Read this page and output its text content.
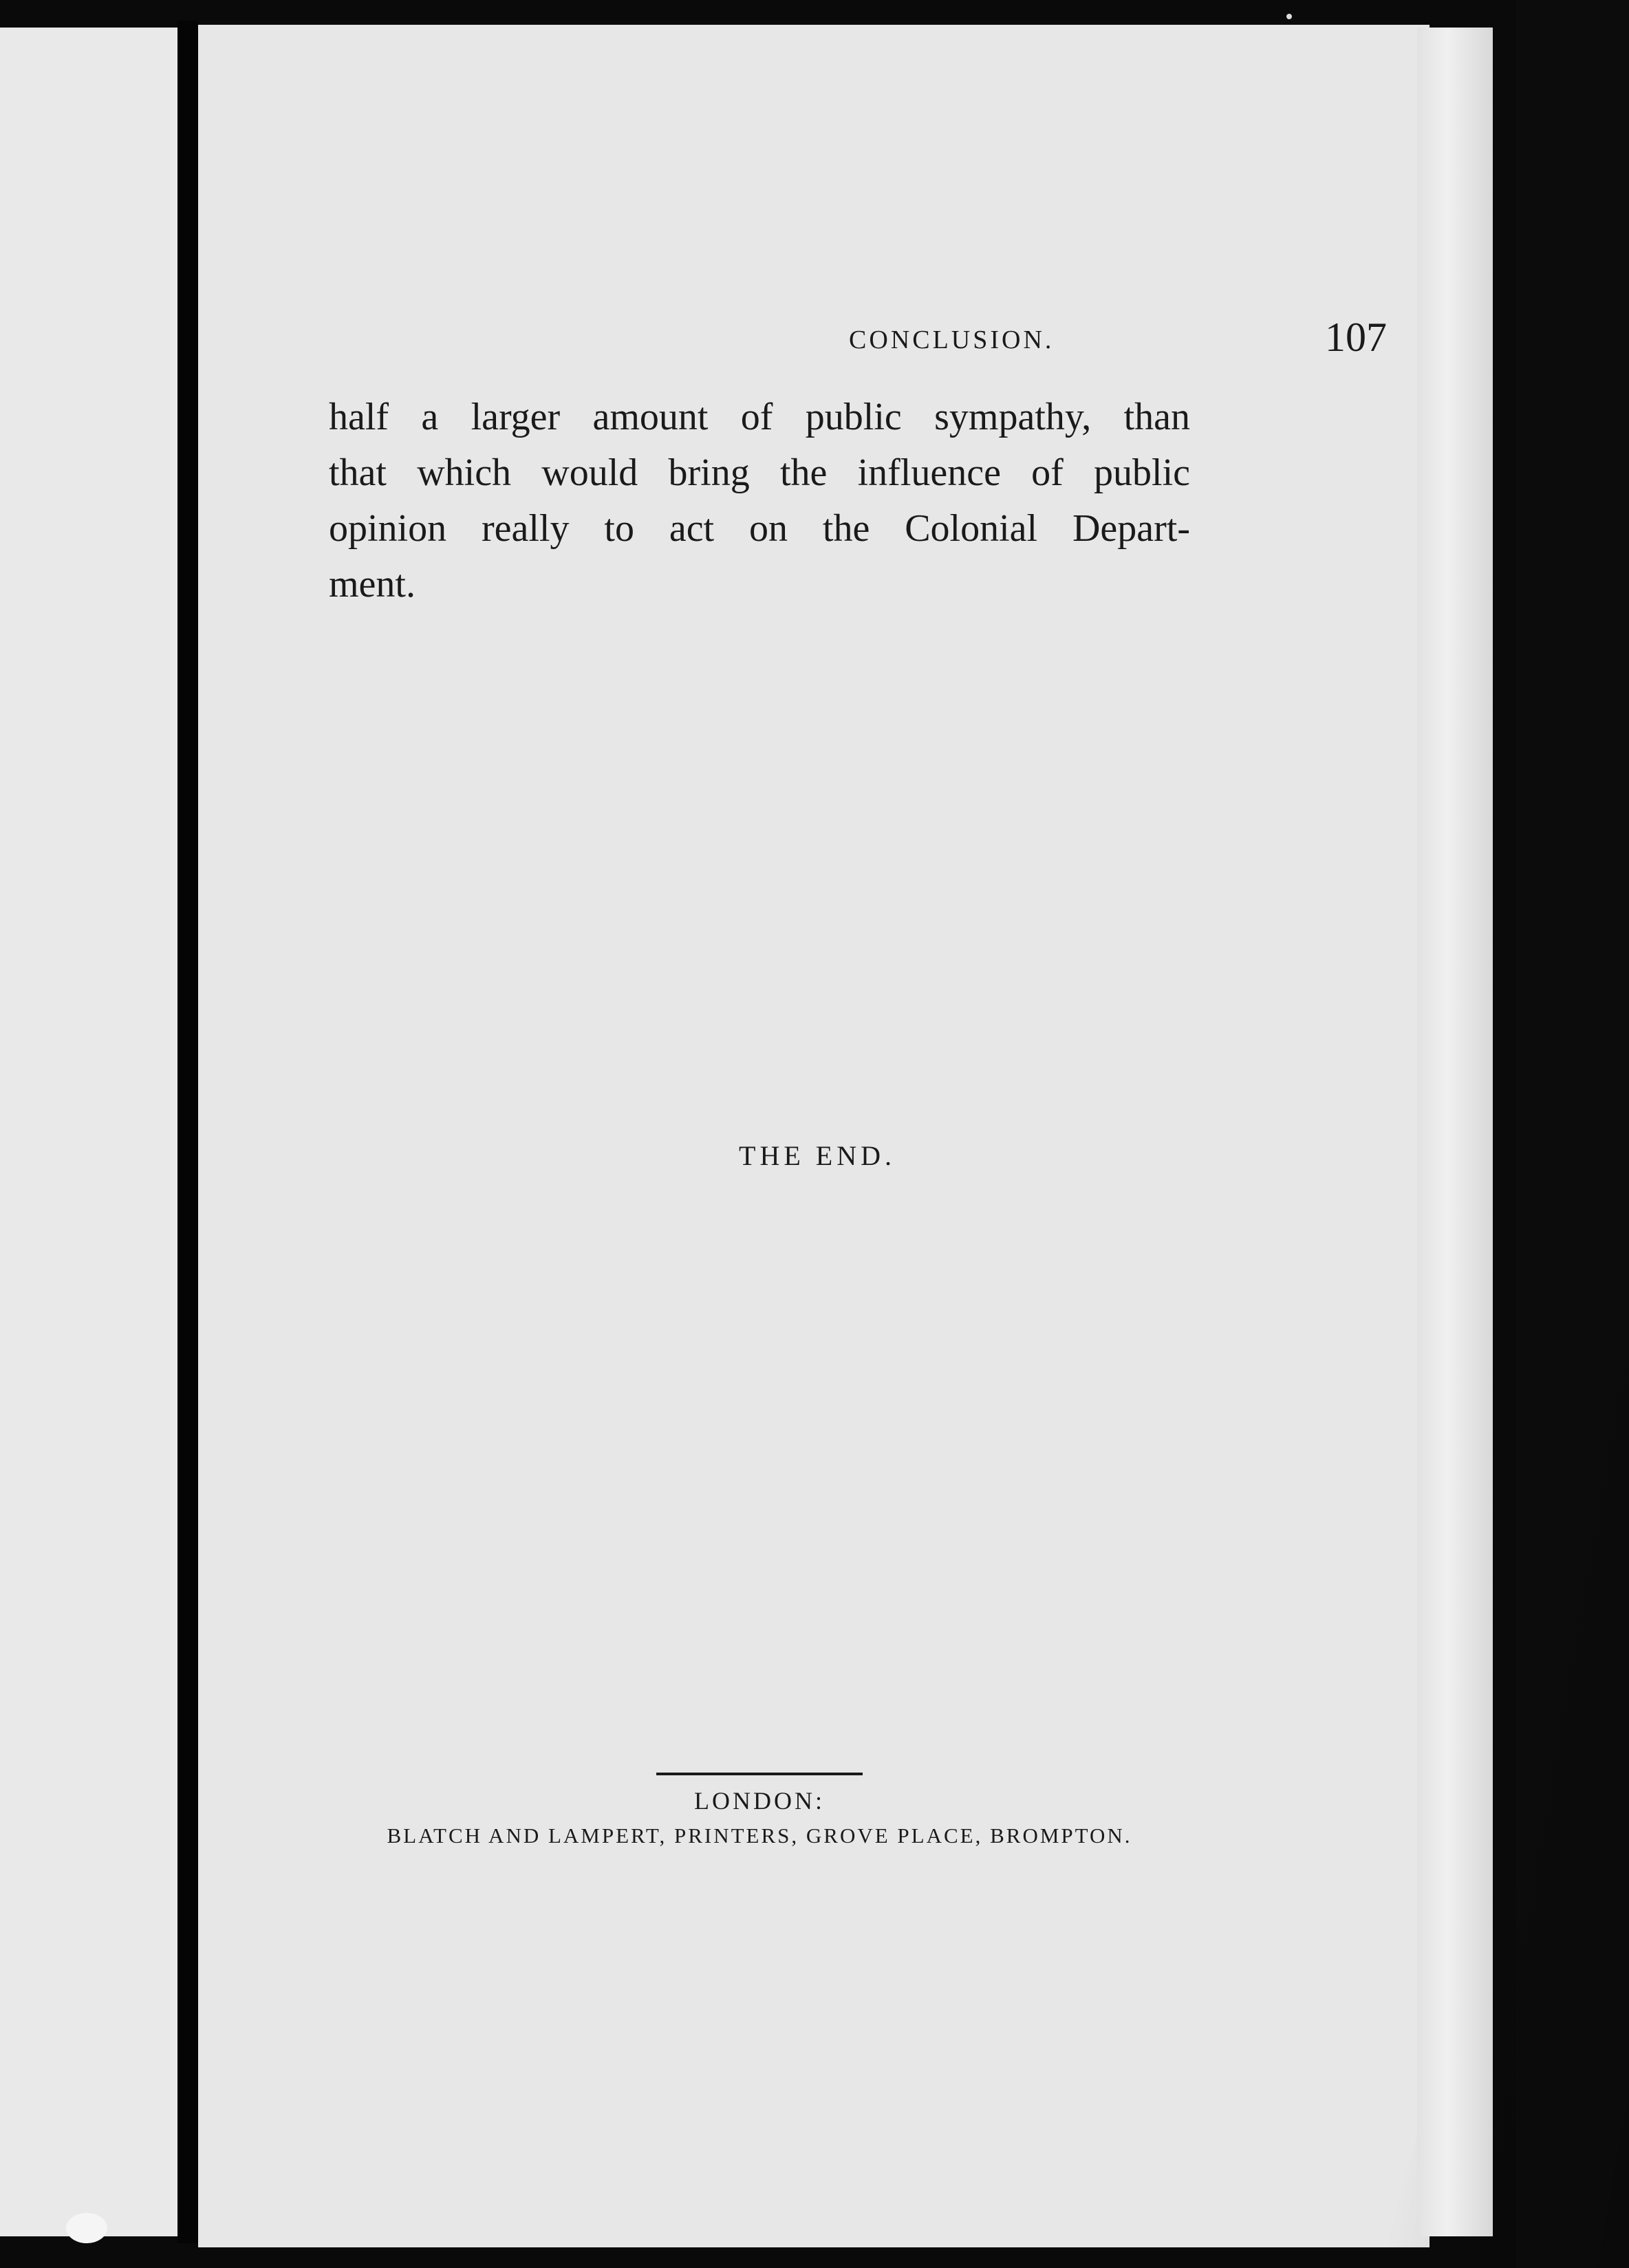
CONCLUSION.	107
half a larger amount of public sympathy, than
that which would bring the influence of public
opinion really to act on the Colonial Depart-
ment.
THE END.
LONDON:
BLATCH AND LAMPERT, PRINTERS, GROVE PLACE, BROMPTON.
